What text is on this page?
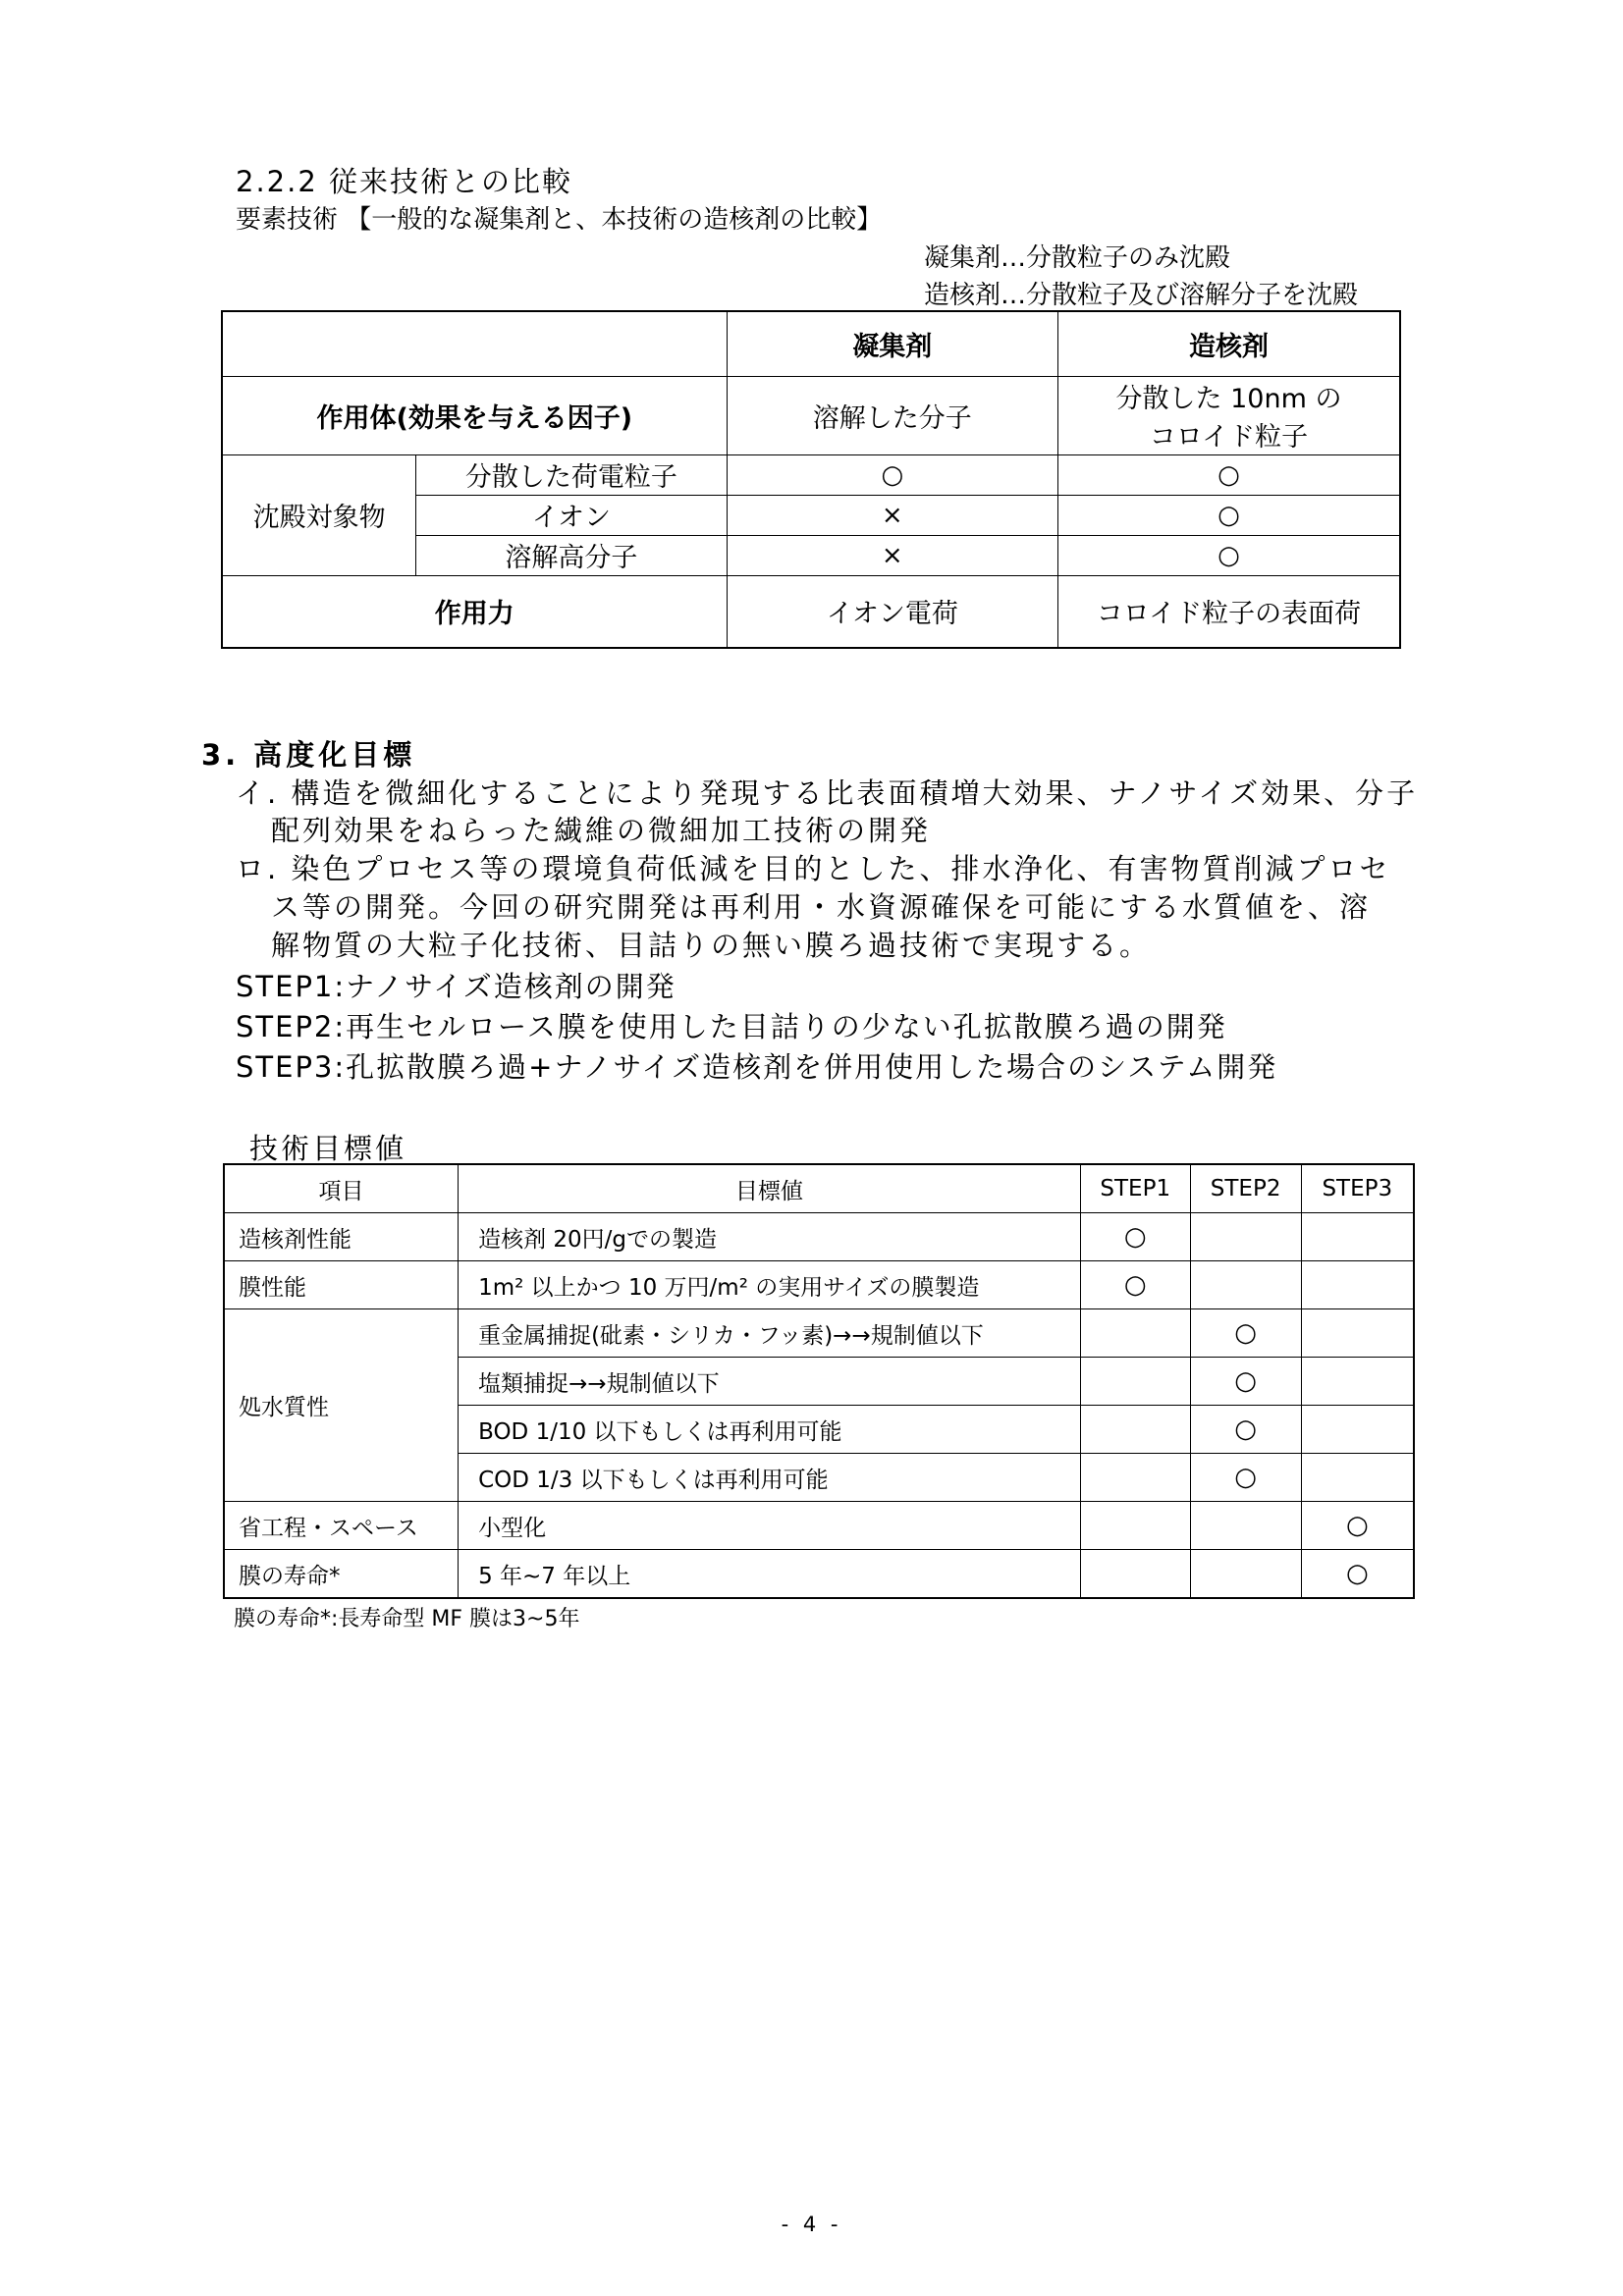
2.2.2 従来技術との比較
要素技術 【一般的な凝集剤と、本技術の造核剤の比較】
凝集剤…分散粒子のみ沈殿
造核剤…分散粒子及び溶解分子を沈殿
		凝集剤	造核剤
作用体(効果を与える因子)		溶解した分子	分散した 10nm の
コロイド粒子

沈殿対象物	分散した荷電粒子	○	○
	イオン	×	○
	溶解高分子	×	○
作用力		イオン電荷	コロイド粒子の表面荷
3. 高度化目標
イ. 構造を微細化することにより発現する比表面積増大効果、ナノサイズ効果、分子
配列効果をねらった繊維の微細加工技術の開発
ロ. 染色プロセス等の環境負荷低減を目的とした、排水浄化、有害物質削減プロセ
ス等の開発。今回の研究開発は再利用・水資源確保を可能にする水質値を、溶
解物質の大粒子化技術、目詰りの無い膜ろ過技術で実現する。
STEP1:ナノサイズ造核剤の開発
STEP2:再生セルロース膜を使用した目詰りの少ない孔拡散膜ろ過の開発
STEP3:孔拡散膜ろ過+ナノサイズ造核剤を併用使用した場合のシステム開発
技術目標値
項目	目標値	STEP1	STEP2	STEP3
造核剤性能	造核剤 20円/gでの製造	○		
膜性能	1m² 以上かつ 10 万円/m² の実用サイズの膜製造	○		
処水質性	重金属捕捉(砒素・シリカ・フッ素)→→規制値以下		○	
	塩類捕捉→→規制値以下		○	
	BOD 1/10 以下もしくは再利用可能		○	
	COD 1/3 以下もしくは再利用可能		○	
省工程・スペース	小型化			○
膜の寿命*	5 年~7 年以上			○
膜の寿命*:長寿命型 MF 膜は3~5年
- 4 -
